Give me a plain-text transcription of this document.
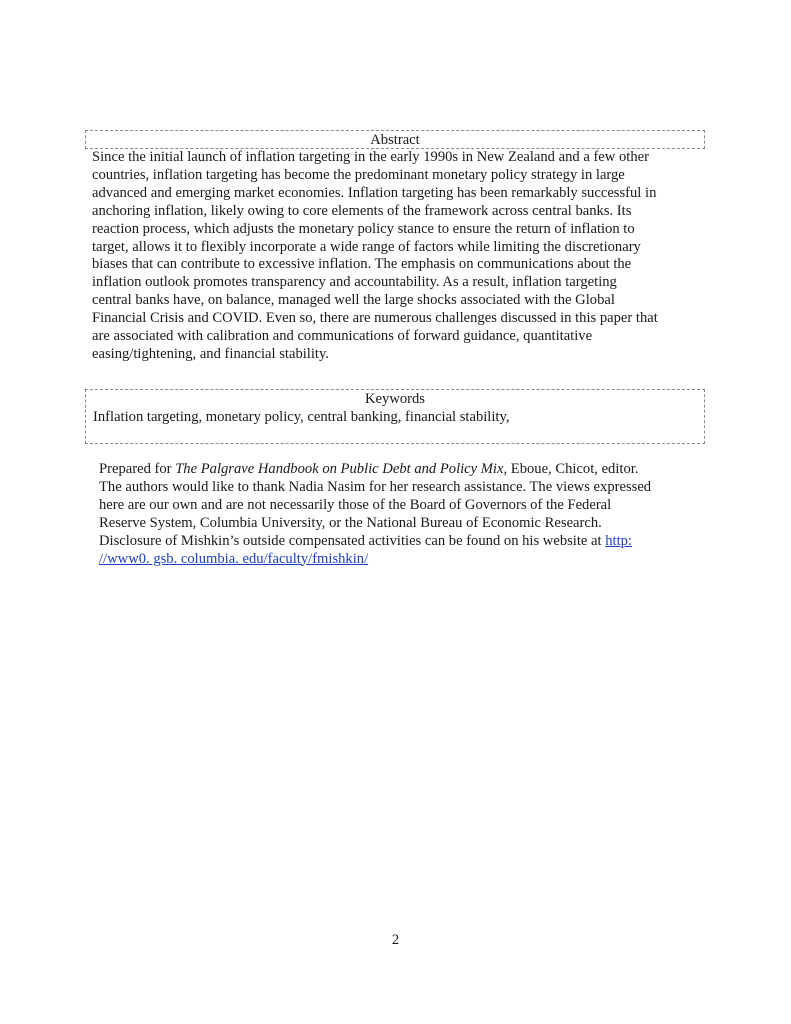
Abstract

Since the initial launch of inflation targeting in the early 1990s in New Zealand and a few other
countries, inflation targeting has become the predominant monetary policy strategy in large
advanced and emerging market economies. Inflation targeting has been remarkably successful in
anchoring inflation, likely owing to core elements of the framework across central banks. Its
reaction process, which adjusts the monetary policy stance to ensure the return of inflation to
target, allows it to flexibly incorporate a wide range of factors while limiting the discretionary
biases that can contribute to excessive inflation. The emphasis on communications about the
inflation outlook promotes transparency and accountability. As a result, inflation targeting
central banks have, on balance, managed well the large shocks associated with the Global
Financial Crisis and COVID. Even so, there are numerous challenges discussed in this paper that
are associated with calibration and communications of forward guidance, quantitative
easing/tightening, and financial stability.

Keywords

Inflation targeting, monetary policy, central banking, financial stability,

Prepared for The Palgrave Handbook on Public Debt and Policy Mix, Eboue, Chicot, editor.
The authors would like to thank Nadia Nasim for her research assistance. The views expressed
here are our own and are not necessarily those of the Board of Governors of the Federal
Reserve System, Columbia University, or the National Bureau of Economic Research.
Disclosure of Mishkin’s outside compensated activities can be found on his website at http:
//www0. gsb. columbia. edu/faculty/fmishkin/

2
